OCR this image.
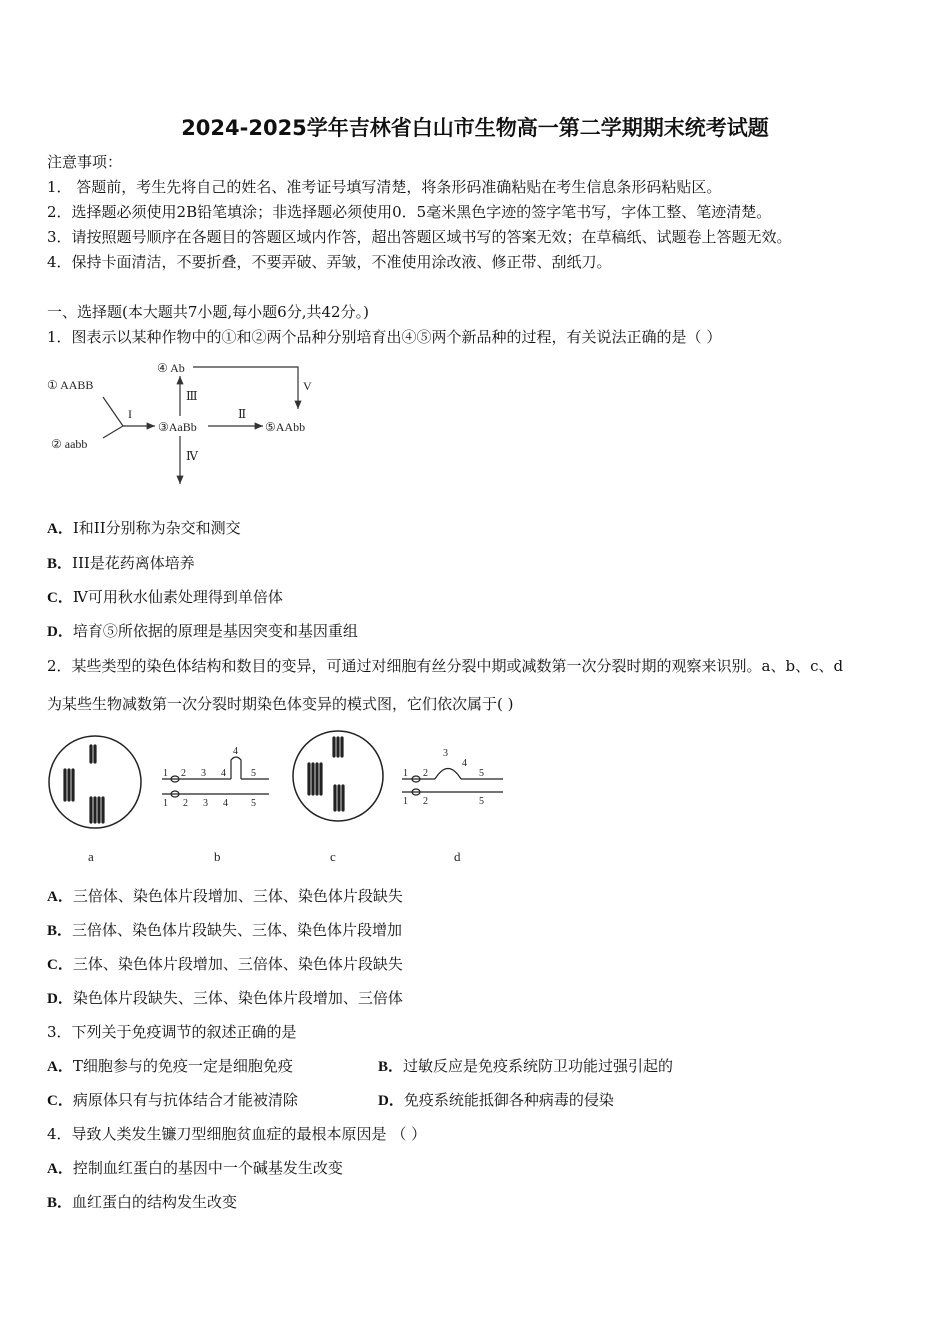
2024-2025学年吉林省白山市生物高一第二学期期末统考试题
注意事项：
1． 答题前，考生先将自己的姓名、准考证号填写清楚，将条形码准确粘贴在考生信息条形码粘贴区。
2．选择题必须使用2B铅笔填涂；非选择题必须使用0．5毫米黑色字迹的签字笔书写，字体工整、笔迹清楚。
3．请按照题号顺序在各题目的答题区域内作答，超出答题区域书写的答案无效；在草稿纸、试题卷上答题无效。
4．保持卡面清洁，不要折叠，不要弄破、弄皱，不准使用涂改液、修正带、刮纸刀。
一、选择题(本大题共7小题,每小题6分,共42分。)
1．图表示以某种作物中的①和②两个品种分别培育出④⑤两个新品种的过程，有关说法正确的是（ ）
① AABB
② aabb
I
③AaBb
④ Ab
Ⅲ
Ⅳ
Ⅱ
⑤AAbb
V
A．I和II分别称为杂交和测交
B．III是花药离体培养
C．Ⅳ可用秋水仙素处理得到单倍体
D．培育⑤所依据的原理是基因突变和基因重组
2．某些类型的染色体结构和数目的变异，可通过对细胞有丝分裂中期或减数第一次分裂时期的观察来识别。a、b、c、d
为某些生物减数第一次分裂时期染色体变异的模式图，它们依次属于( )
a
1 2 3 4
4
5
1 2 3 4 5
b	c
1 2
3
4
5
1 2	5
d
A．三倍体、染色体片段增加、三体、染色体片段缺失
B．三倍体、染色体片段缺失、三体、染色体片段增加
C．三体、染色体片段增加、三倍体、染色体片段缺失
D．染色体片段缺失、三体、染色体片段增加、三倍体
3．下列关于免疫调节的叙述正确的是
A．T细胞参与的免疫一定是细胞免疫	B．过敏反应是免疫系统防卫功能过强引起的
C．病原体只有与抗体结合才能被清除	D．免疫系统能抵御各种病毒的侵染
4．导致人类发生镰刀型细胞贫血症的最根本原因是 （ ）
A．控制血红蛋白的基因中一个碱基发生改变
B．血红蛋白的结构发生改变
